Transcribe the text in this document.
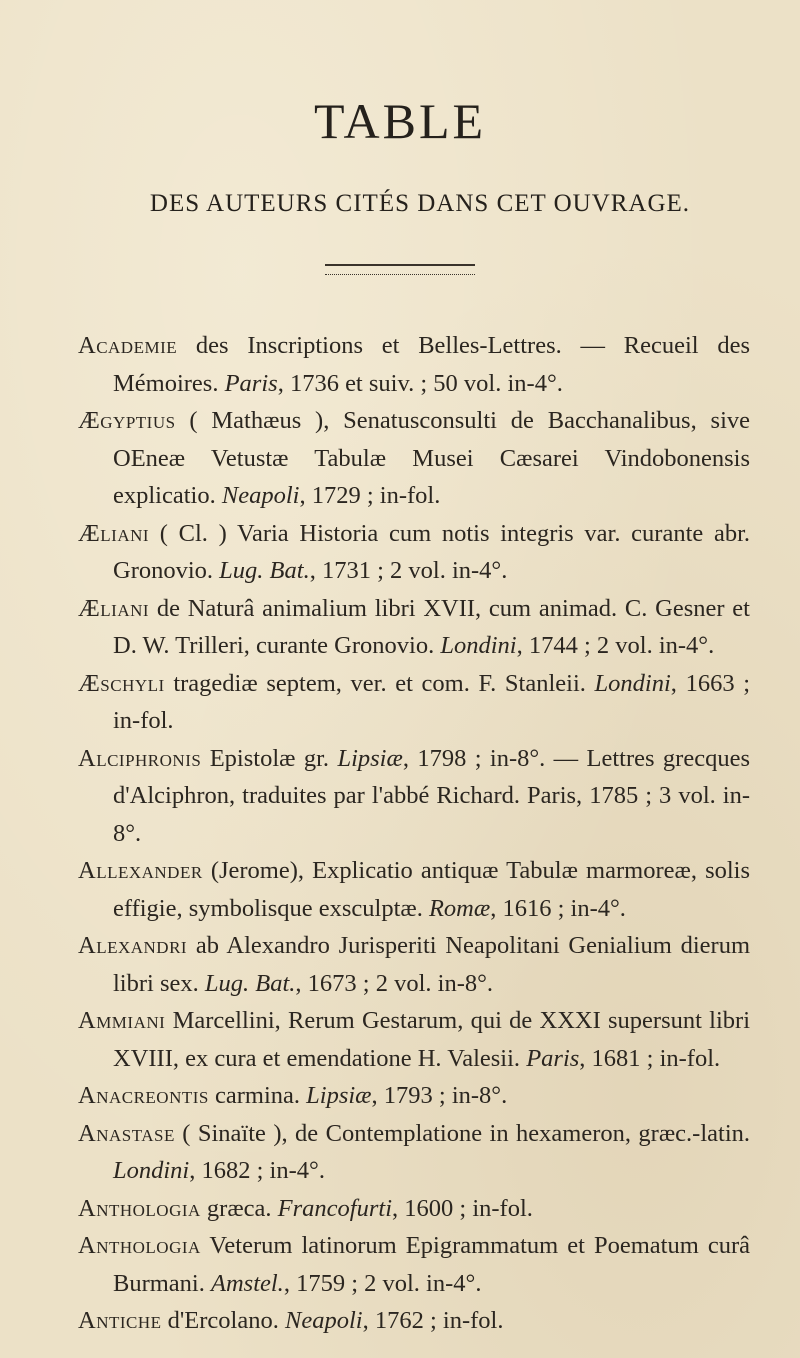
TABLE
DES AUTEURS CITÉS DANS CET OUVRAGE.

Academie des Inscriptions et Belles-Lettres. — Recueil des Mémoires. Paris, 1736 et suiv. ; 50 vol. in-4°.

Ægyptius ( Mathæus ), Senatusconsulti de Bacchanalibus, sive OEneæ Vetustæ Tabulæ Musei Cæsarei Vindobonensis explicatio. Neapoli, 1729 ; in-fol.

Æliani ( Cl. ) Varia Historia cum notis integris var. curante abr. Gronovio. Lug. Bat., 1731 ; 2 vol. in-4°.

Æliani de Naturâ animalium libri XVII, cum animad. C. Gesner et D. W. Trilleri, curante Gronovio. Londini, 1744 ; 2 vol. in-4°.

Æschyli tragediæ septem, ver. et com. F. Stanleii. Londini, 1663 ; in-fol.

Alciphronis Epistolæ gr. Lipsiæ, 1798 ; in-8°. — Lettres grecques d'Alciphron, traduites par l'abbé Richard. Paris, 1785 ; 3 vol. in-8°.

Allexander (Jerome), Explicatio antiquæ Tabulæ marmoreæ, solis effigie, symbolisque exsculptæ. Romæ, 1616 ; in-4°.

Alexandri ab Alexandro Jurisperiti Neapolitani Genialium dierum libri sex. Lug. Bat., 1673 ; 2 vol. in-8°.

Ammiani Marcellini, Rerum Gestarum, qui de XXXI supersunt libri XVIII, ex cura et emendatione H. Valesii. Paris, 1681 ; in-fol.

Anacreontis carmina. Lipsiæ, 1793 ; in-8°.

Anastase ( Sinaïte ), de Contemplatione in hexameron, græc.-latin. Londini, 1682 ; in-4°.

Anthologia græca. Francofurti, 1600 ; in-fol.

Anthologia Veterum latinorum Epigrammatum et Poematum curâ Burmani. Amstel., 1759 ; 2 vol. in-4°.

Antiche d'Ercolano. Neapoli, 1762 ; in-fol.
